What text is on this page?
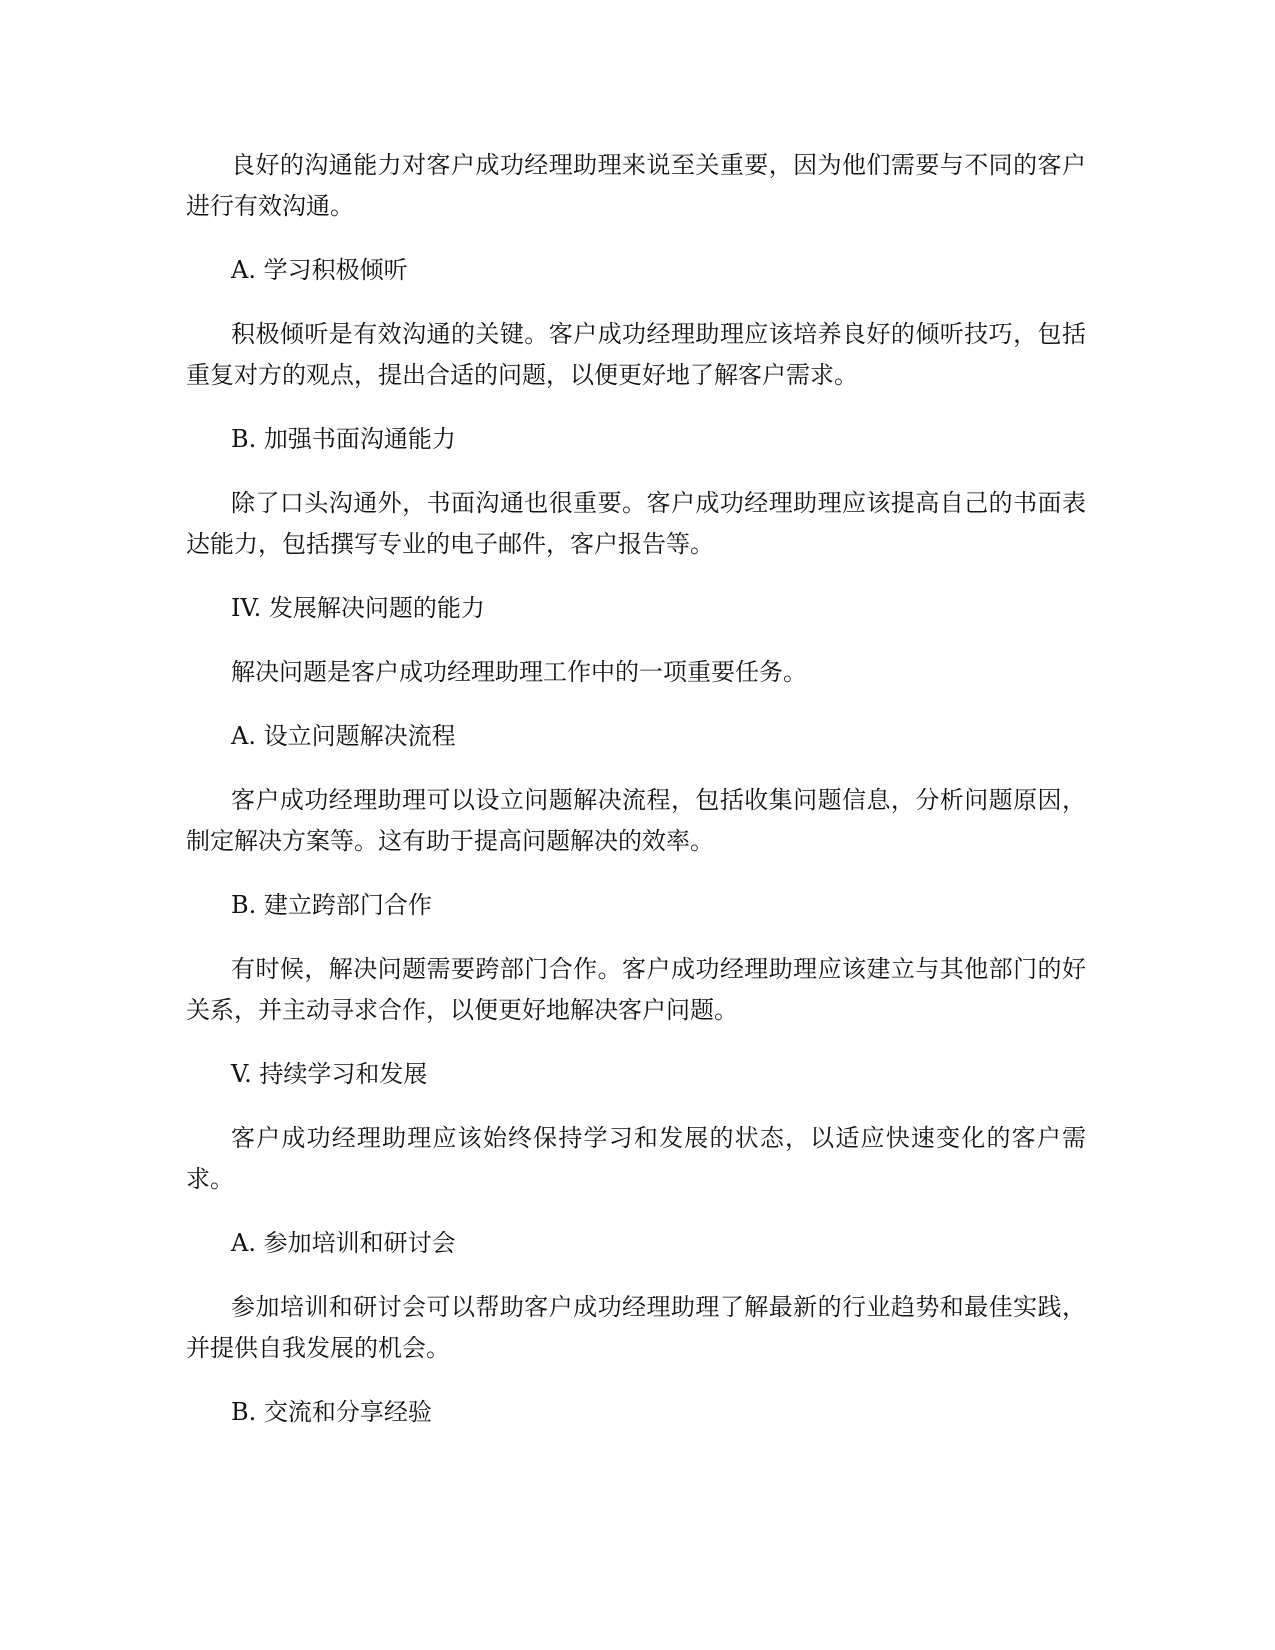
良好的沟通能力对客户成功经理助理来说至关重要，因为他们需要与不同的客户进行有效沟通。

A. 学习积极倾听

积极倾听是有效沟通的关键。客户成功经理助理应该培养良好的倾听技巧，包括重复对方的观点，提出合适的问题，以便更好地了解客户需求。

B. 加强书面沟通能力

除了口头沟通外，书面沟通也很重要。客户成功经理助理应该提高自己的书面表达能力，包括撰写专业的电子邮件，客户报告等。

IV. 发展解决问题的能力

解决问题是客户成功经理助理工作中的一项重要任务。

A. 设立问题解决流程

客户成功经理助理可以设立问题解决流程，包括收集问题信息，分析问题原因，制定解决方案等。这有助于提高问题解决的效率。

B. 建立跨部门合作

有时候，解决问题需要跨部门合作。客户成功经理助理应该建立与其他部门的好关系，并主动寻求合作，以便更好地解决客户问题。

V. 持续学习和发展

客户成功经理助理应该始终保持学习和发展的状态，以适应快速变化的客户需求。

A. 参加培训和研讨会

参加培训和研讨会可以帮助客户成功经理助理了解最新的行业趋势和最佳实践，并提供自我发展的机会。

B. 交流和分享经验
